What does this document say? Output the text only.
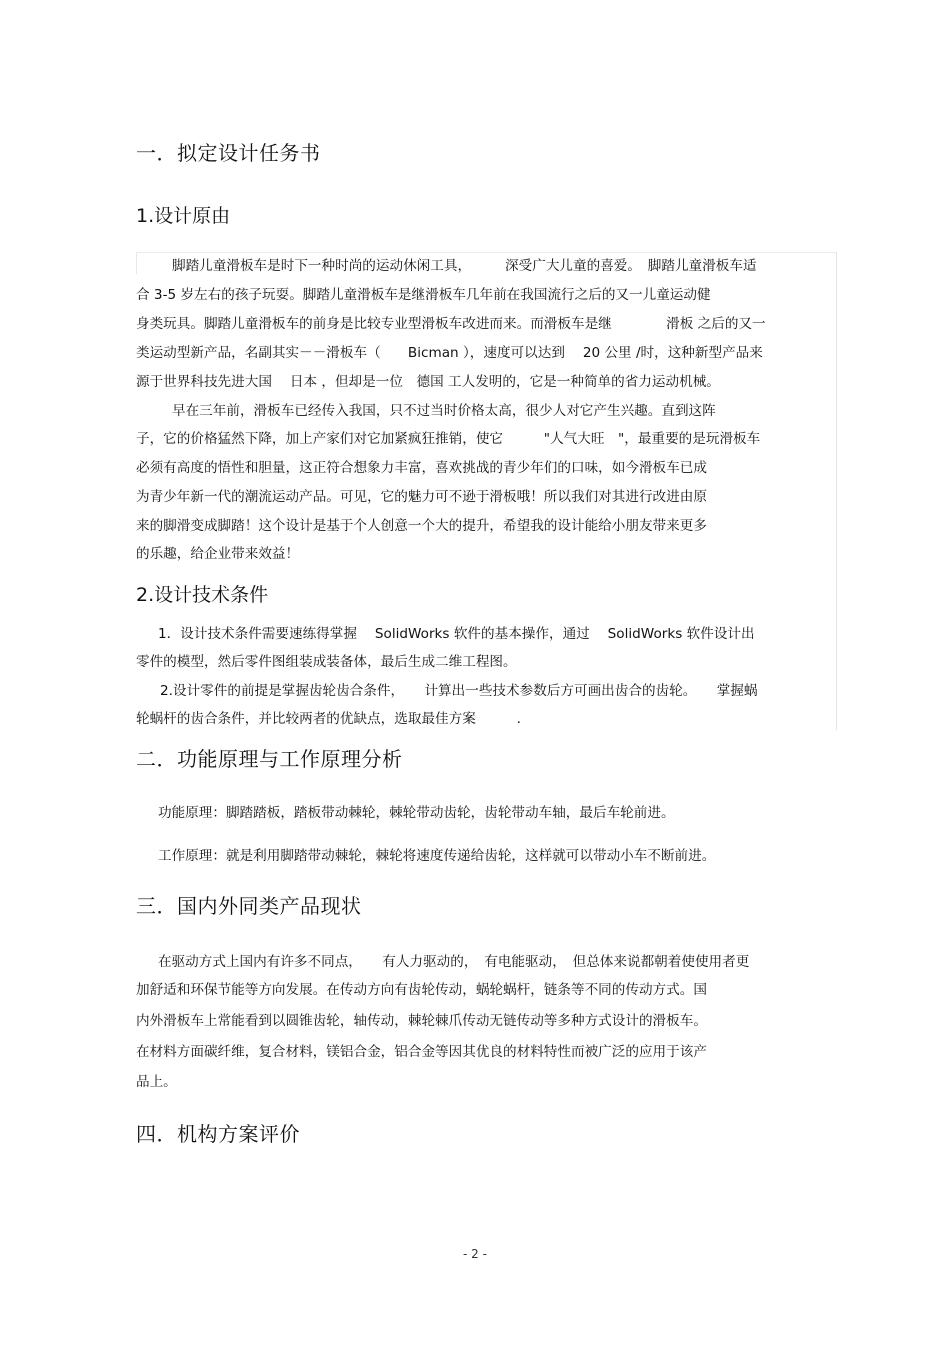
一．拟定设计任务书
1.设计原由
脚踏儿童滑板车是时下一种时尚的运动休闲工具，　　　深受广大儿童的喜爱。　脚踏儿童滑板车适
合 3-5 岁左右的孩子玩耍。脚踏儿童滑板车是继滑板车几年前在我国流行之后的又一儿童运动健
身类玩具。脚踏儿童滑板车的前身是比较专业型滑板车改进而来。而滑板车是继　　　　滑板 之后的又一
类运动型新产品，名副其实－－滑板车（　　Bicman ），速度可以达到　 20 公里 /时，这种新型产品来
源于世界科技先进大国　 日本 ，但却是一位　德国 工人发明的，它是一种简单的省力运动机械。
早在三年前，滑板车已经传入我国，只不过当时价格太高，很少人对它产生兴趣。直到这阵
子，它的价格猛然下降，加上产家们对它加紧疯狂推销，使它　　　"人气大旺　"，最重要的是玩滑板车
必须有高度的悟性和胆量，这正符合想象力丰富，喜欢挑战的青少年们的口味，如今滑板车已成
为青少年新一代的潮流运动产品。可见，它的魅力可不逊于滑板哦！所以我们对其进行改进由原
来的脚滑变成脚踏！这个设计是基于个人创意一个大的提升，希望我的设计能给小朋友带来更多
的乐趣，给企业带来效益！
2.设计技术条件
1．设计技术条件需要速练得掌握　 SolidWorks 软件的基本操作，通过　 SolidWorks 软件设计出
零件的模型，然后零件图组装成装备体，最后生成二维工程图。
2.设计零件的前提是掌握齿轮齿合条件，　　计算出一些技术参数后方可画出齿合的齿轮。　　掌握蜗
轮蜗杆的齿合条件，并比较两者的优缺点，选取最佳方案　　　.
二．功能原理与工作原理分析
功能原理：脚踏踏板，踏板带动棘轮，棘轮带动齿轮，齿轮带动车轴，最后车轮前进。
工作原理：就是利用脚踏带动棘轮，棘轮将速度传递给齿轮，这样就可以带动小车不断前进。
三．国内外同类产品现状
在驱动方式上国内有许多不同点，　　有人力驱动的，　有电能驱动，　但总体来说都朝着使使用者更
加舒适和环保节能等方向发展。在传动方向有齿轮传动，蜗轮蜗杆，链条等不同的传动方式。国
内外滑板车上常能看到以圆锥齿轮，轴传动，棘轮棘爪传动无链传动等多种方式设计的滑板车。
在材料方面碳纤维，复合材料，镁铝合金，铝合金等因其优良的材料特性而被广泛的应用于该产
品上。
四．机构方案评价
- 2 -
